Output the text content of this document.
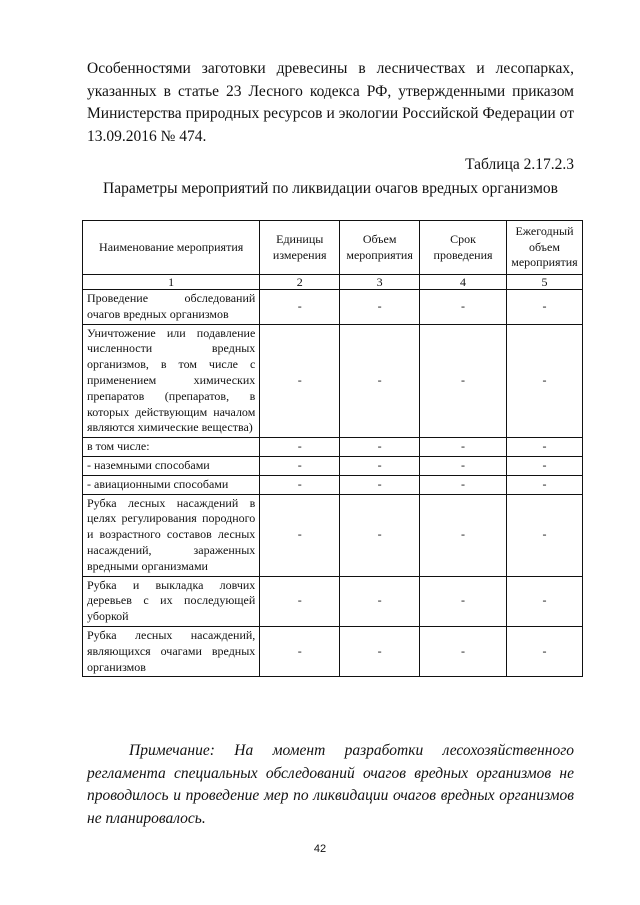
Особенностями заготовки древесины в лесничествах и лесопарках, указанных в статье 23 Лесного кодекса РФ, утвержденными приказом Министерства природных ресурсов и экологии Российской Федерации от 13.09.2016 № 474.
Таблица 2.17.2.3
Параметры мероприятий по ликвидации очагов вредных организмов
Наименование мероприятия	Единицы измерения	Объем мероприятия	Срок проведения	Ежегодный объем мероприятия
1	2	3	4	5
Проведение обследований очагов вредных организмов	-	-	-	-
Уничтожение или подавление численности вредных организмов, в том числе с применением химических препаратов (препаратов, в которых действующим началом являются химические вещества)	-	-	-	-
в том числе:	-	-	-	-
- наземными способами	-	-	-	-
- авиационными способами	-	-	-	-
Рубка лесных насаждений в целях регулирования породного и возрастного составов лесных насаждений, зараженных вредными организмами	-	-	-	-
Рубка и выкладка ловчих деревьев с их последующей уборкой	-	-	-	-
Рубка лесных насаждений, являющихся очагами вредных организмов	-	-	-	-
Примечание: На момент разработки лесохозяйственного регламента специальных обследований очагов вредных организмов не проводилось и проведение мер по ликвидации очагов вредных организмов не планировалось.
42
